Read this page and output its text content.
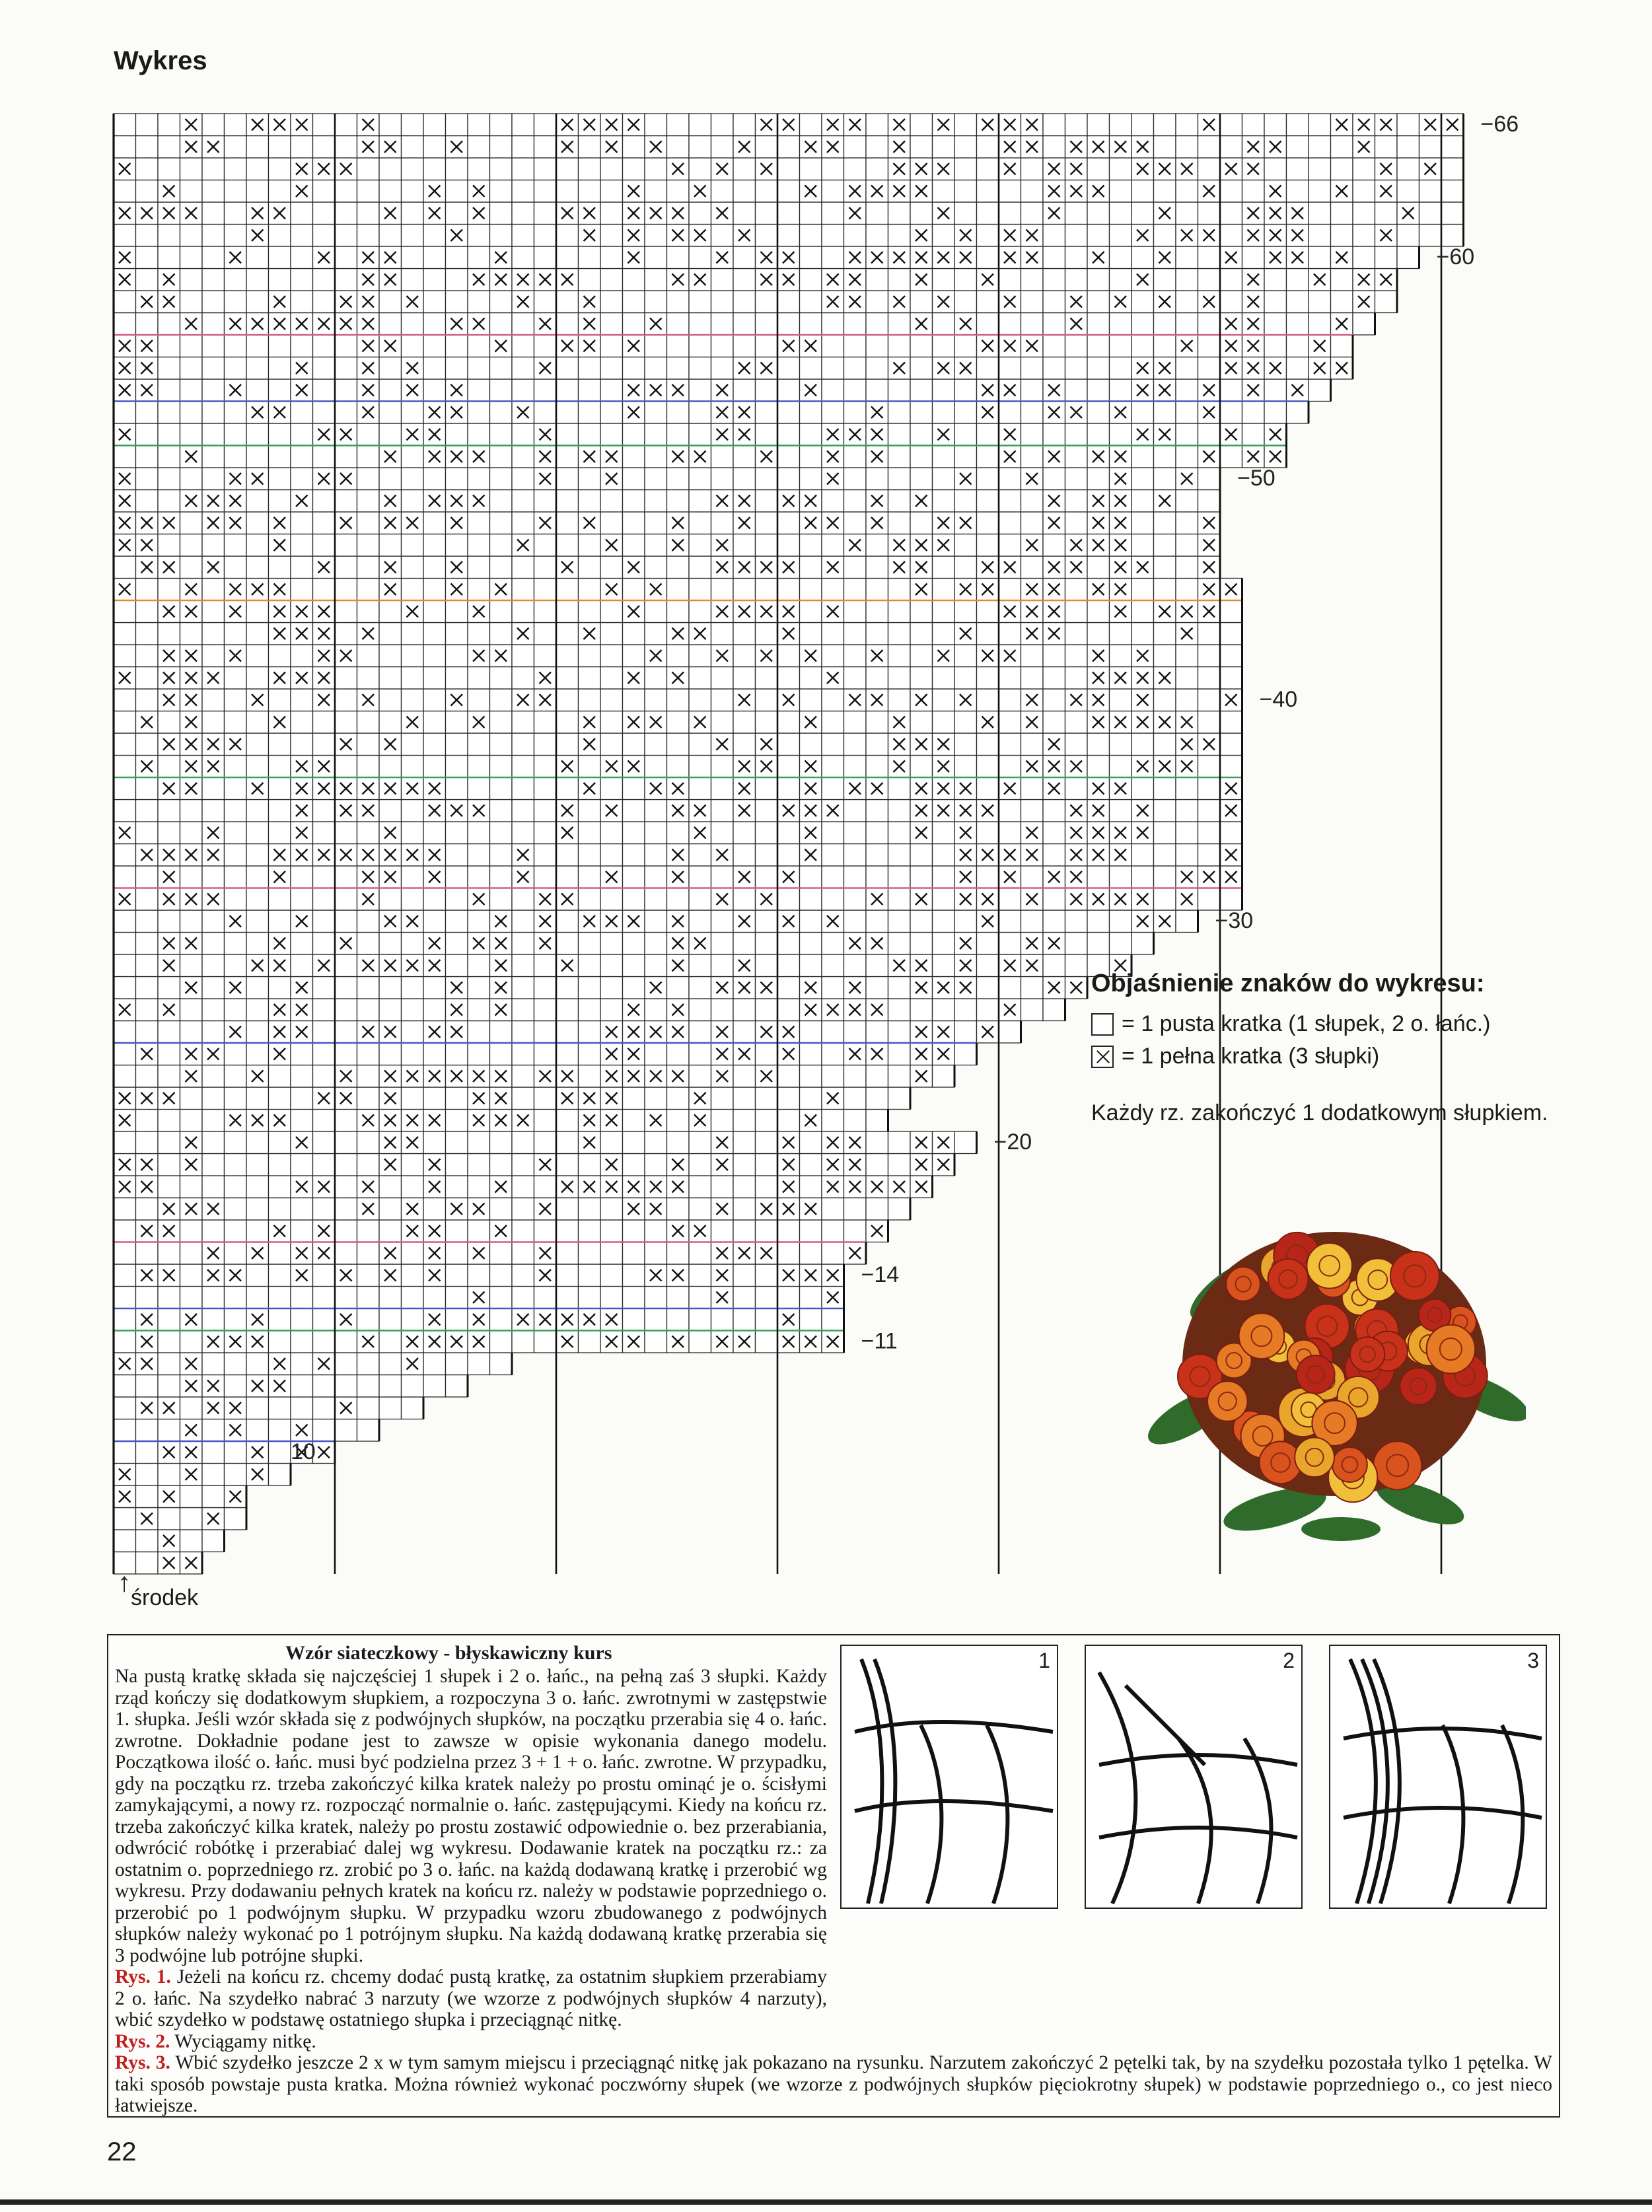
Wykres
−66
−60
−50
−40
−30
−20
−14
−11
10
↑
środek
Objaśnienie znaków do wykresu:
= 1 pusta kratka (1 słupek, 2 o. łańc.)
= 1 pełna kratka (3 słupki)
Każdy rz. zakończyć 1 dodatkowym słupkiem.
Wzór siateczkowy - błyskawiczny kurs

Na pustą kratkę składa się najczęściej 1 słupek i 2 o. łańc., na pełną zaś 3 słupki. Każdy rząd kończy się dodatkowym słupkiem, a rozpoczyna 3 o. łańc. zwrotnymi w zastępstwie 1. słupka. Jeśli wzór składa się z podwójnych słupków, na początku przerabia się 4 o. łańc. zwrotne. Dokładnie podane jest to zawsze w opisie wykonania danego modelu. Początkowa ilość o. łańc. musi być podzielna przez 3 + 1 + o. łańc. zwrotne. W przypadku, gdy na początku rz. trzeba zakończyć kilka kratek należy po prostu ominąć je o. ścisłymi zamykającymi, a nowy rz. rozpocząć normalnie o. łańc. zastępującymi. Kiedy na końcu rz. trzeba zakończyć kilka kratek, należy po prostu zostawić odpowiednie o. bez przerabiania, odwrócić robótkę i przerabiać dalej wg wykresu. Dodawanie kratek na początku rz.: za ostatnim o. poprzedniego rz. zrobić po 3 o. łańc. na każdą dodawaną kratkę i przerobić wg wykresu. Przy dodawaniu pełnych kratek na końcu rz. należy w podstawie poprzedniego o. przerobić po 1 podwójnym słupku. W przypadku wzoru zbudowanego z podwójnych słupków należy wykonać po 1 potrójnym słupku. Na każdą dodawaną kratkę przerabia się 3 podwójne lub potrójne słupki.

Rys. 1. Jeżeli na końcu rz. chcemy dodać pustą kratkę, za ostatnim słupkiem przerabiamy 2 o. łańc. Na szydełko nabrać 3 narzuty (we wzorze z podwójnych słupków 4 narzuty), wbić szydełko w podstawę ostatniego słupka i przeciągnąć nitkę.

Rys. 2. Wyciągamy nitkę.

Rys. 3. Wbić szydełko jeszcze 2 x w tym samym miejscu i przeciągnąć nitkę jak pokazano na rysunku. Narzutem zakończyć 2 pętelki tak, by na szydełku pozostała tylko 1 pętelka. W taki sposób powstaje pusta kratka. Można również wykonać poczwórny słupek (we wzorze z podwójnych słupków pięciokrotny słupek) w podstawie poprzedniego o., co jest nieco łatwiejsze.

1	2	3
22
